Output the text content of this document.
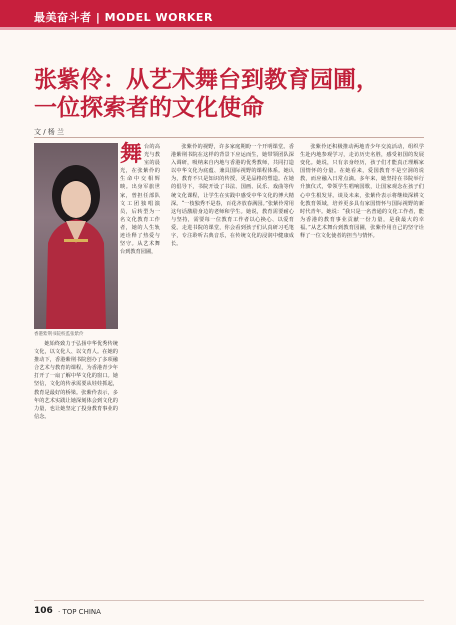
最美奋斗者 | MODEL WORKER
张紫伶：从艺术舞台到教育园圃，
一位探索者的文化使命
文 / 杨 兰
香港紫荆书院校监张紫伶
舞 台的高光与教室的晨光，在张紫伶的生命中交相辉映。出身军旅世家，曾担任部队文工团独唱演员，后转型为一名文化教育工作者，她的人生轨迹诠释了热爱与坚守。从艺术舞台到教育园圃，

她始终致力于弘扬中华优秀传统文化，以文化人、以文育人。在她的推动下，香港紫荆书院创办了多项融合艺术与教育的课程，为香港青少年打开了一扇了解中华文化的窗口。她坚信，文化的传承需要从娃娃抓起，教育是最好的桥梁。张紫伶表示，多年的艺术实践让她深刻体会到文化的力量，也让她坚定了投身教育事业的信念。

张紫伶的视野，许多家庭期盼一个开明课堂。香港紫荆书院在这样的背景下应运而生，她带领团队深入调研，吸纳来自内地与香港的优秀教师，共同打造以中华文化为底蕴、兼具国际视野的课程体系。她认为，教育不只是知识的传授，更是品格的塑造。在她的倡导下，书院开设了书法、国画、民乐、戏曲等传统文化课程，让学生在实践中感受中华文化的博大精深。“一枝独秀不是春，百花齐放春满园。”张紫伶常用这句话激励身边的老师和学生。她说，教育需要耐心与坚持，需要每一位教育工作者以心换心、以爱育爱。走进书院的课堂，你会看到孩子们认真研习毛笔字，专注聆听古典音乐，在传统文化的浸润中健康成长。

张紫伶还积极推动两地青少年交流活动，组织学生赴内地参观学习，走访历史名胜，感受祖国的发展变化。她说，只有亲身经历，孩子们才能真正理解家国情怀的分量。在她看来，爱国教育不是空洞的说教，而应融入日常点滴。多年来，她坚持在书院举行升旗仪式，带领学生唱响国歌，让国家观念在孩子们心中生根发芽。谈及未来，张紫伶表示将继续深耕文化教育领域，培养更多具有家国情怀与国际视野的新时代青年。她说：“我只是一名普通的文化工作者，能为香港的教育事业贡献一份力量，是我最大的幸福。”从艺术舞台到教育园圃，张紫伶用自己的坚守诠释了一位文化使者的担当与情怀。

106 · TOP CHINA
